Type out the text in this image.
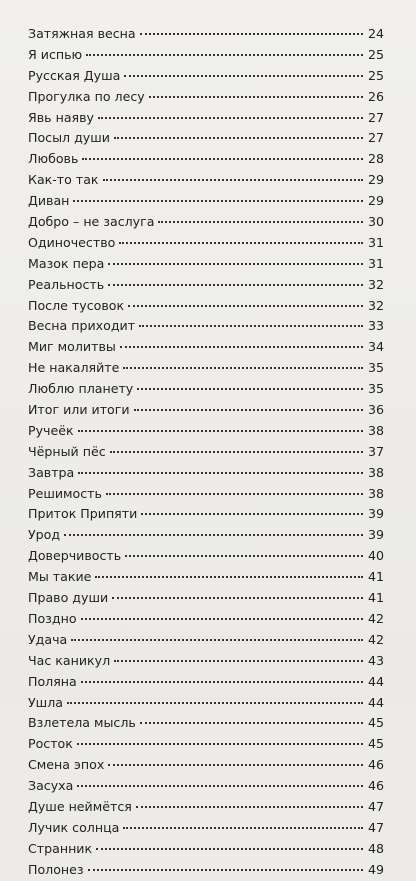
Затяжная весна	24
Я испью	25
Русская Душа	25
Прогулка по лесу	26
Явь наяву	27
Посыл души	27
Любовь	28
Как-то так	29
Диван	29
Добро – не заслуга	30
Одиночество	31
Мазок пера	31
Реальность	32
После тусовок	32
Весна приходит	33
Миг молитвы	34
Не накаляйте	35
Люблю планету	35
Итог или итоги	36
Ручеёк	38
Чёрный пёс	37
Завтра	38
Решимость	38
Приток Припяти	39
Урод	39
Доверчивость	40
Мы такие	41
Право души	41
Поздно	42
Удача	42
Час каникул	43
Поляна	44
Ушла	44
Взлетела мысль	45
Росток	45
Смена эпох	46
Засуха	46
Душе неймётся	47
Лучик солнца	47
Странник	48
Полонез	49
